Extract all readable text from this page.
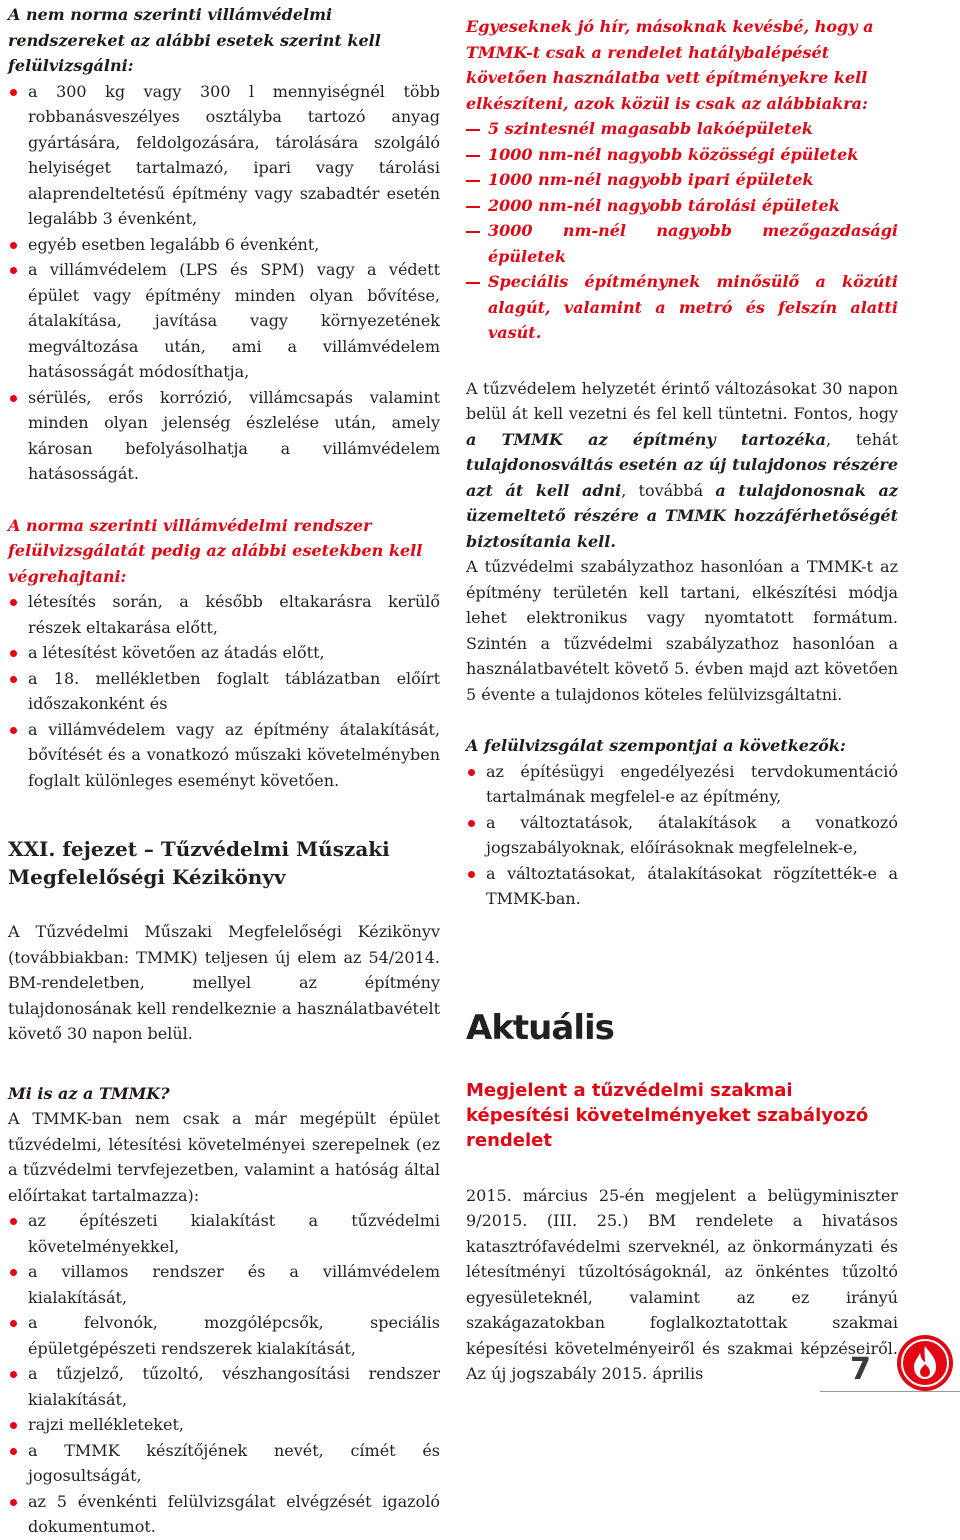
A nem norma szerinti villámvédelmi rendszereket az alábbi esetek szerint kell felülvizsgálni:

a 300 kg vagy 300 l mennyiségnél több robbanásveszélyes osztályba tartozó anyag gyártására, feldolgozására, tárolására szolgáló helyiséget tartalmazó, ipari vagy tárolási alaprendeltetésű építmény vagy szabadtér esetén legalább 3 évenként,
egyéb esetben legalább 6 évenként,
a villámvédelem (LPS és SPM) vagy a védett épület vagy építmény minden olyan bővítése, átalakítása, javítása vagy környezetének megváltozása után, ami a villámvédelem hatásosságát módosíthatja,
sérülés, erős korrózió, villámcsapás valamint minden olyan jelenség észlelése után, amely károsan befolyásolhatja a villámvédelem hatásosságát.

A norma szerinti villámvédelmi rendszer felülvizsgálatát pedig az alábbi esetekben kell végrehajtani:

létesítés során, a később eltakarásra kerülő részek eltakarása előtt,
a létesítést követően az átadás előtt,
a 18. mellékletben foglalt táblázatban előírt időszakonként és
a villámvédelem vagy az építmény átalakítását, bővítését és a vonatkozó műszaki követelményben foglalt különleges eseményt követően.

XXI. fejezet – Tűzvédelmi Műszaki Megfelelőségi Kézikönyv

A Tűzvédelmi Műszaki Megfelelőségi Kézikönyv (továbbiakban: TMMK) teljesen új elem az 54/2014. BM-rendeletben, mellyel az építmény tulajdonosának kell rendelkeznie a használatbavételt követő 30 napon belül.

Mi is az a TMMK?

A TMMK-ban nem csak a már megépült épület tűzvédelmi, létesítési követelményei szerepelnek (ez a tűzvédelmi tervfejezetben, valamint a hatóság által előírtakat tartalmazza):

az építészeti kialakítást a tűzvédelmi követelményekkel,
a villamos rendszer és a villámvédelem kialakítását,
a felvonók, mozgólépcsők, speciális épületgépészeti rendszerek kialakítását,
a tűzjelző, tűzoltó, vészhangosítási rendszer kialakítását,
rajzi mellékleteket,
a TMMK készítőjének nevét, címét és jogosultságát,
az 5 évenkénti felülvizsgálat elvégzését igazoló dokumentumot.

Egyeseknek jó hír, másoknak kevésbé, hogy a TMMK-t csak a rendelet hatálybalépését követően használatba vett építményekre kell elkészíteni, azok közül is csak az alábbiakra:

5 szintesnél magasabb lakóépületek
1000 nm-nél nagyobb közösségi épületek
1000 nm-nél nagyobb ipari épületek
2000 nm-nél nagyobb tárolási épületek
3000 nm-nél nagyobb mezőgazdasági épületek
Speciális építménynek minősülő a közúti alagút, valamint a metró és felszín alatti vasút.

A tűzvédelem helyzetét érintő változásokat 30 napon belül át kell vezetni és fel kell tüntetni. Fontos, hogy a TMMK az építmény tartozéka, tehát tulajdonosváltás esetén az új tulajdonos részére azt át kell adni, továbbá a tulajdonosnak az üzemeltető részére a TMMK hozzáférhetőségét biztosítania kell.

A tűzvédelmi szabályzathoz hasonlóan a TMMK-t az építmény területén kell tartani, elkészítési módja lehet elektronikus vagy nyomtatott formátum. Szintén a tűzvédelmi szabályzathoz hasonlóan a használatbavételt követő 5. évben majd azt követően 5 évente a tulajdonos köteles felülvizsgáltatni.

A felülvizsgálat szempontjai a következők:

az építésügyi engedélyezési tervdokumentáció tartalmának megfelel-e az építmény,
a változtatások, átalakítások a vonatkozó jogszabályoknak, előírásoknak megfelelnek-e,
a változtatásokat, átalakításokat rögzítették-e a TMMK-ban.

Aktuális

Megjelent a tűzvédelmi szakmai képesítési követelményeket szabályozó rendelet

2015. március 25-én megjelent a belügyminiszter 9/2015. (III. 25.) BM rendelete a hivatásos katasztrófavédelmi szerveknél, az önkormányzati és létesítményi tűzoltóságoknál, az önkéntes tűzoltó egyesületeknél, valamint az ez irányú szakágazatokban foglalkoztatottak szakmai képesítési követelményeiről és szakmai képzéseiről. Az új jogszabály 2015. április	7
